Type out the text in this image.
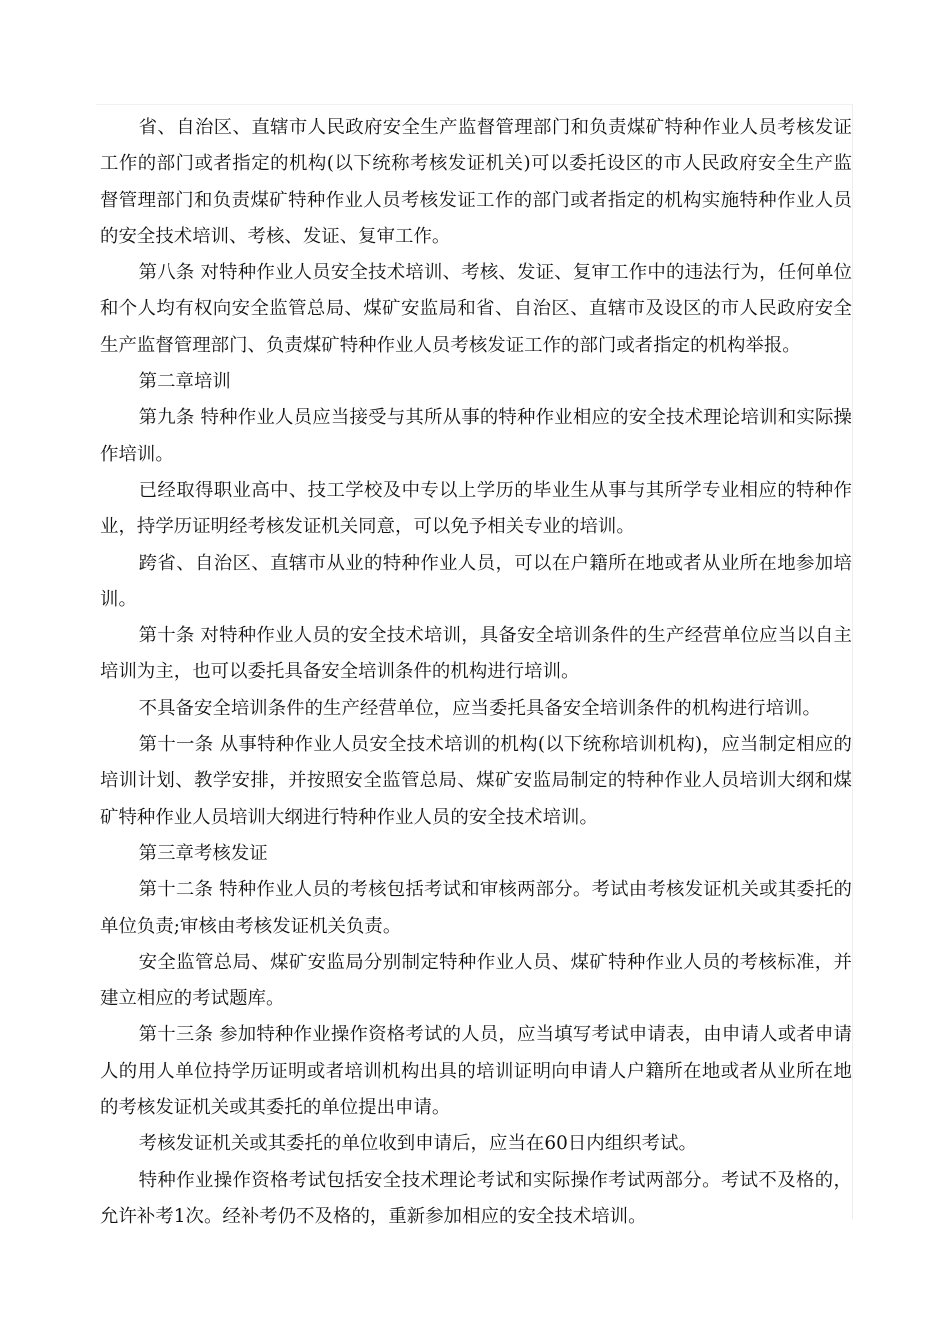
省、自治区、直辖市人民政府安全生产监督管理部门和负责煤矿特种作业人员考核发证工作的部门或者指定的机构(以下统称考核发证机关)可以委托设区的市人民政府安全生产监督管理部门和负责煤矿特种作业人员考核发证工作的部门或者指定的机构实施特种作业人员的安全技术培训、考核、发证、复审工作。

第八条 对特种作业人员安全技术培训、考核、发证、复审工作中的违法行为，任何单位和个人均有权向安全监管总局、煤矿安监局和省、自治区、直辖市及设区的市人民政府安全生产监督管理部门、负责煤矿特种作业人员考核发证工作的部门或者指定的机构举报。

第二章培训

第九条 特种作业人员应当接受与其所从事的特种作业相应的安全技术理论培训和实际操作培训。

已经取得职业高中、技工学校及中专以上学历的毕业生从事与其所学专业相应的特种作业，持学历证明经考核发证机关同意，可以免予相关专业的培训。

跨省、自治区、直辖市从业的特种作业人员，可以在户籍所在地或者从业所在地参加培训。

第十条 对特种作业人员的安全技术培训，具备安全培训条件的生产经营单位应当以自主培训为主，也可以委托具备安全培训条件的机构进行培训。

不具备安全培训条件的生产经营单位，应当委托具备安全培训条件的机构进行培训。

第十一条 从事特种作业人员安全技术培训的机构(以下统称培训机构)，应当制定相应的培训计划、教学安排，并按照安全监管总局、煤矿安监局制定的特种作业人员培训大纲和煤矿特种作业人员培训大纲进行特种作业人员的安全技术培训。

第三章考核发证

第十二条 特种作业人员的考核包括考试和审核两部分。考试由考核发证机关或其委托的单位负责;审核由考核发证机关负责。

安全监管总局、煤矿安监局分别制定特种作业人员、煤矿特种作业人员的考核标准，并建立相应的考试题库。

第十三条 参加特种作业操作资格考试的人员，应当填写考试申请表，由申请人或者申请人的用人单位持学历证明或者培训机构出具的培训证明向申请人户籍所在地或者从业所在地的考核发证机关或其委托的单位提出申请。

考核发证机关或其委托的单位收到申请后，应当在60日内组织考试。

特种作业操作资格考试包括安全技术理论考试和实际操作考试两部分。考试不及格的，允许补考1次。经补考仍不及格的，重新参加相应的安全技术培训。
